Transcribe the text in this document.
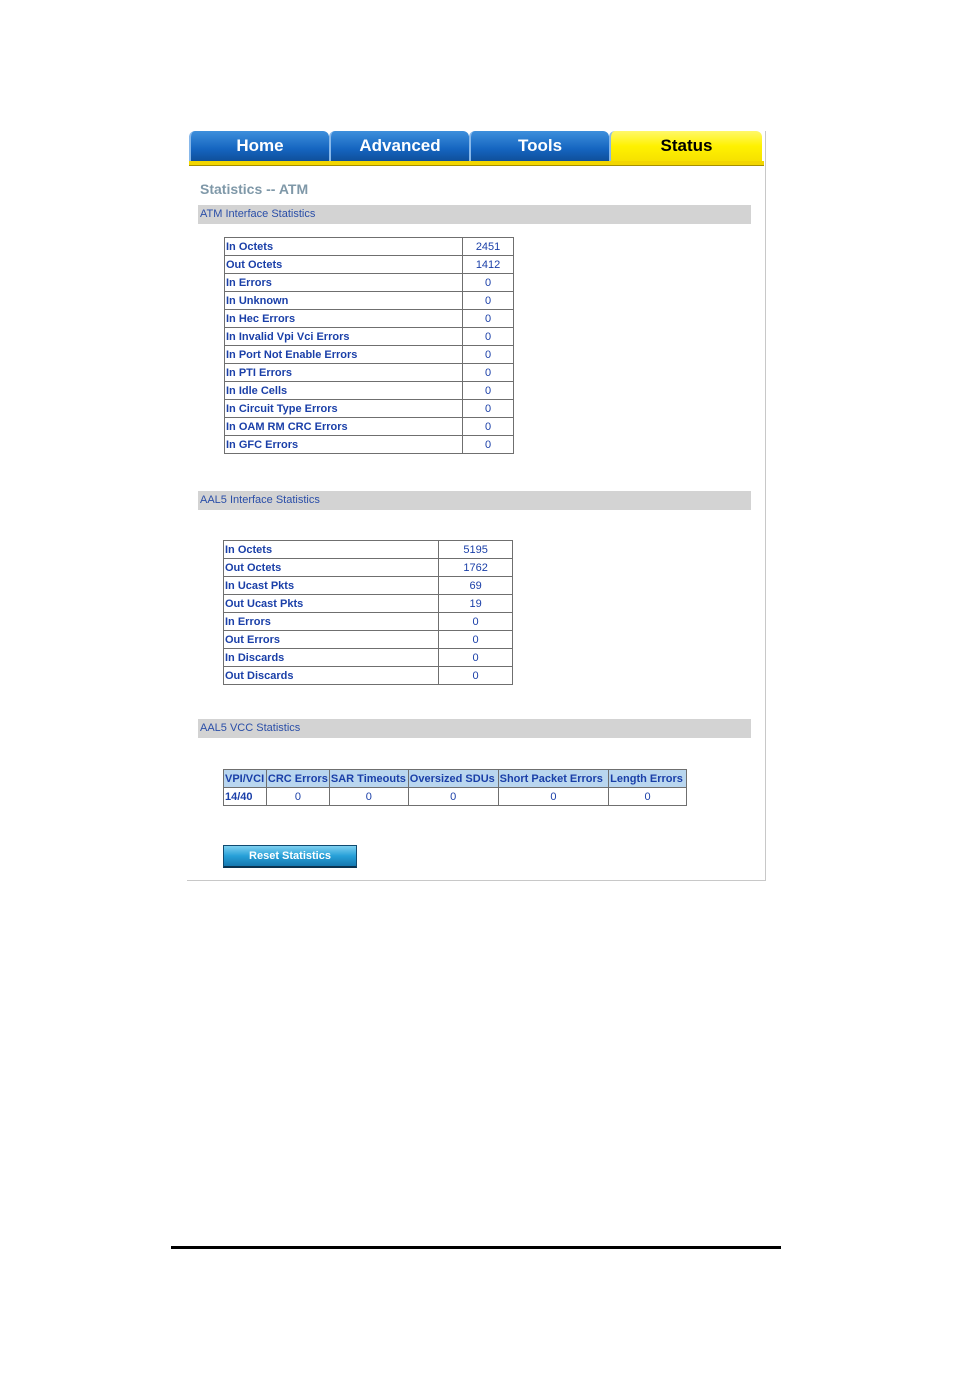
Home	Advanced	Tools	Status
Statistics -- ATM
ATM Interface Statistics
In Octets	2451
Out Octets	1412
In Errors	0
In Unknown	0
In Hec Errors	0
In Invalid Vpi Vci Errors	0
In Port Not Enable Errors	0
In PTI Errors	0
In Idle Cells	0
In Circuit Type Errors	0
In OAM RM CRC Errors	0
In GFC Errors	0
AAL5 Interface Statistics
In Octets	5195
Out Octets	1762
In Ucast Pkts	69
Out Ucast Pkts	19
In Errors	0
Out Errors	0
In Discards	0
Out Discards	0
AAL5 VCC Statistics
VPI/VCI	CRC Errors	SAR Timeouts	Oversized SDUs	Short Packet Errors	Length Errors
14/40	0	0	0	0	0
Reset Statistics
